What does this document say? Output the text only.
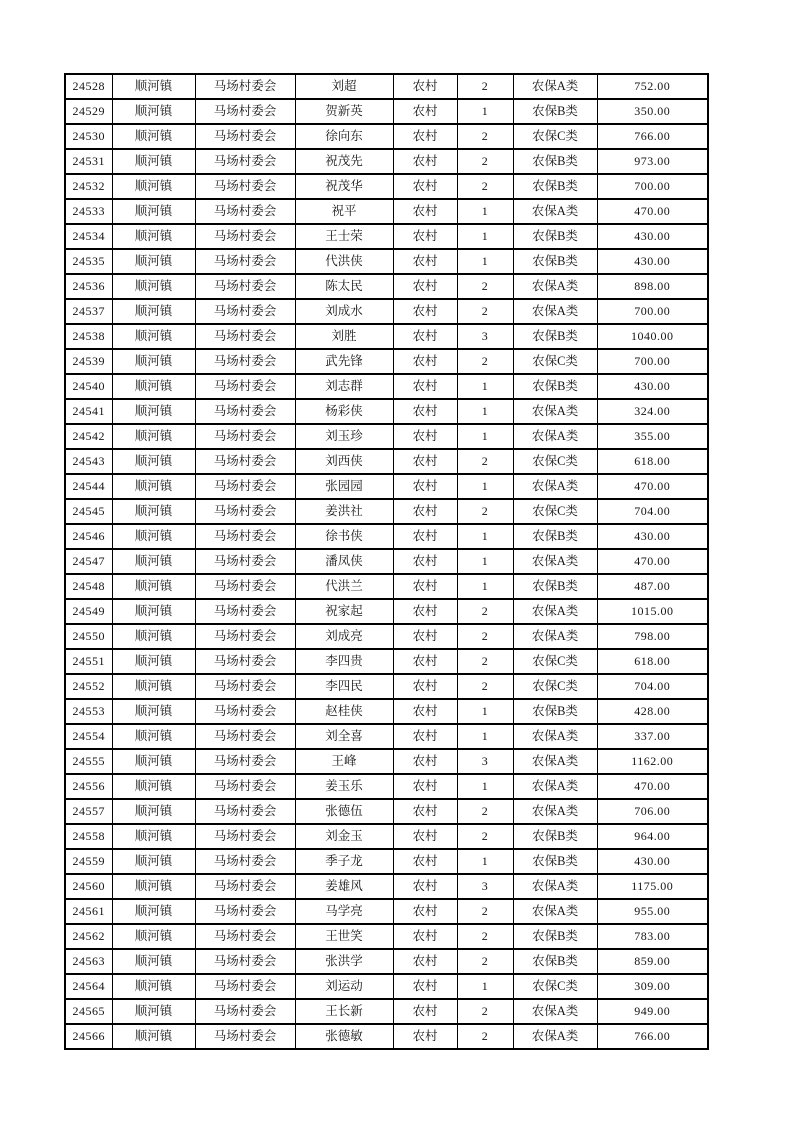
24528	顺河镇	马场村委会	刘超	农村	2	农保A类	752.00
24529	顺河镇	马场村委会	贺新英	农村	1	农保B类	350.00
24530	顺河镇	马场村委会	徐向东	农村	2	农保C类	766.00
24531	顺河镇	马场村委会	祝茂先	农村	2	农保B类	973.00
24532	顺河镇	马场村委会	祝茂华	农村	2	农保B类	700.00
24533	顺河镇	马场村委会	祝平	农村	1	农保A类	470.00
24534	顺河镇	马场村委会	王士荣	农村	1	农保B类	430.00
24535	顺河镇	马场村委会	代洪侠	农村	1	农保B类	430.00
24536	顺河镇	马场村委会	陈太民	农村	2	农保A类	898.00
24537	顺河镇	马场村委会	刘成水	农村	2	农保A类	700.00
24538	顺河镇	马场村委会	刘胜	农村	3	农保B类	1040.00
24539	顺河镇	马场村委会	武先锋	农村	2	农保C类	700.00
24540	顺河镇	马场村委会	刘志群	农村	1	农保B类	430.00
24541	顺河镇	马场村委会	杨彩侠	农村	1	农保A类	324.00
24542	顺河镇	马场村委会	刘玉珍	农村	1	农保A类	355.00
24543	顺河镇	马场村委会	刘西侠	农村	2	农保C类	618.00
24544	顺河镇	马场村委会	张园园	农村	1	农保A类	470.00
24545	顺河镇	马场村委会	姜洪社	农村	2	农保C类	704.00
24546	顺河镇	马场村委会	徐书侠	农村	1	农保B类	430.00
24547	顺河镇	马场村委会	潘凤侠	农村	1	农保A类	470.00
24548	顺河镇	马场村委会	代洪兰	农村	1	农保B类	487.00
24549	顺河镇	马场村委会	祝家起	农村	2	农保A类	1015.00
24550	顺河镇	马场村委会	刘成亮	农村	2	农保A类	798.00
24551	顺河镇	马场村委会	李四贵	农村	2	农保C类	618.00
24552	顺河镇	马场村委会	李四民	农村	2	农保C类	704.00
24553	顺河镇	马场村委会	赵桂侠	农村	1	农保B类	428.00
24554	顺河镇	马场村委会	刘全喜	农村	1	农保A类	337.00
24555	顺河镇	马场村委会	王峰	农村	3	农保A类	1162.00
24556	顺河镇	马场村委会	姜玉乐	农村	1	农保A类	470.00
24557	顺河镇	马场村委会	张德伍	农村	2	农保A类	706.00
24558	顺河镇	马场村委会	刘金玉	农村	2	农保B类	964.00
24559	顺河镇	马场村委会	季子龙	农村	1	农保B类	430.00
24560	顺河镇	马场村委会	姜雄风	农村	3	农保A类	1175.00
24561	顺河镇	马场村委会	马学亮	农村	2	农保A类	955.00
24562	顺河镇	马场村委会	王世笑	农村	2	农保B类	783.00
24563	顺河镇	马场村委会	张洪学	农村	2	农保B类	859.00
24564	顺河镇	马场村委会	刘运动	农村	1	农保C类	309.00
24565	顺河镇	马场村委会	王长新	农村	2	农保A类	949.00
24566	顺河镇	马场村委会	张德敏	农村	2	农保A类	766.00
